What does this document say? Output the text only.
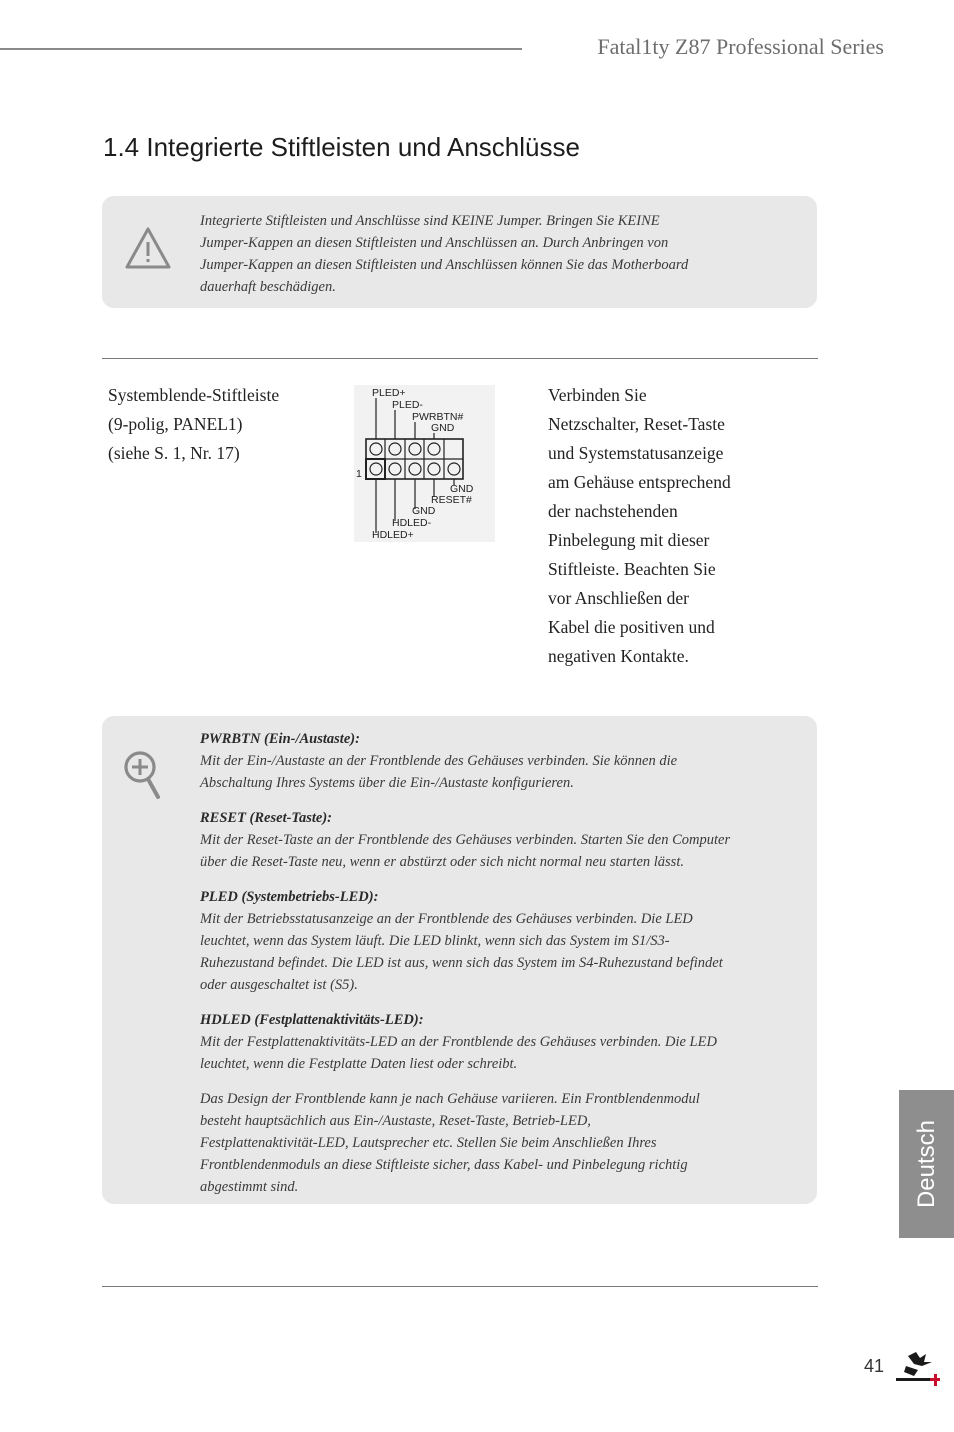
Fatal1ty Z87 Professional Series
1.4 Integrierte Stiftleisten und Anschlüsse
Integrierte Stiftleisten und Anschlüsse sind KEINE Jumper. Bringen Sie KEINE
Jumper-Kappen an diesen Stiftleisten und Anschlüssen an. Durch Anbringen von
Jumper-Kappen an diesen Stiftleisten und Anschlüssen können Sie das Motherboard
dauerhaft beschädigen.
Systemblende-Stiftleiste
(9-polig, PANEL1)
(siehe S. 1, Nr. 17)
PLED+
PLED-
PWRBTN#
GND
1
GND
RESET#
GND
HDLED-
HDLED+
Verbinden Sie
Netzschalter, Reset-Taste
und Systemstatusanzeige
am Gehäuse entsprechend
der nachstehenden
Pinbelegung mit dieser
Stiftleiste. Beachten Sie
vor Anschließen der
Kabel die positiven und
negativen Kontakte.
PWRBTN (Ein-/Austaste):
Mit der Ein-/Austaste an der Frontblende des Gehäuses verbinden. Sie können die
Abschaltung Ihres Systems über die Ein-/Austaste konfigurieren.
RESET (Reset-Taste):
Mit der Reset-Taste an der Frontblende des Gehäuses verbinden. Starten Sie den Computer
über die Reset-Taste neu, wenn er abstürzt oder sich nicht normal neu starten lässt.
PLED (Systembetriebs-LED):
Mit der Betriebsstatusanzeige an der Frontblende des Gehäuses verbinden. Die LED
leuchtet, wenn das System läuft. Die LED blinkt, wenn sich das System im S1/S3-
Ruhezustand befindet. Die LED ist aus, wenn sich das System im S4-Ruhezustand befindet
oder ausgeschaltet ist (S5).
HDLED (Festplattenaktivitäts-LED):
Mit der Festplattenaktivitäts-LED an der Frontblende des Gehäuses verbinden. Die LED
leuchtet, wenn die Festplatte Daten liest oder schreibt.
Das Design der Frontblende kann je nach Gehäuse variieren. Ein Frontblendenmodul
besteht hauptsächlich aus Ein-/Austaste, Reset-Taste, Betrieb-LED,
Festplattenaktivität-LED, Lautsprecher etc. Stellen Sie beim Anschließen Ihres
Frontblendenmoduls an diese Stiftleiste sicher, dass Kabel- und Pinbelegung richtig
abgestimmt sind.	Deutsch
41
